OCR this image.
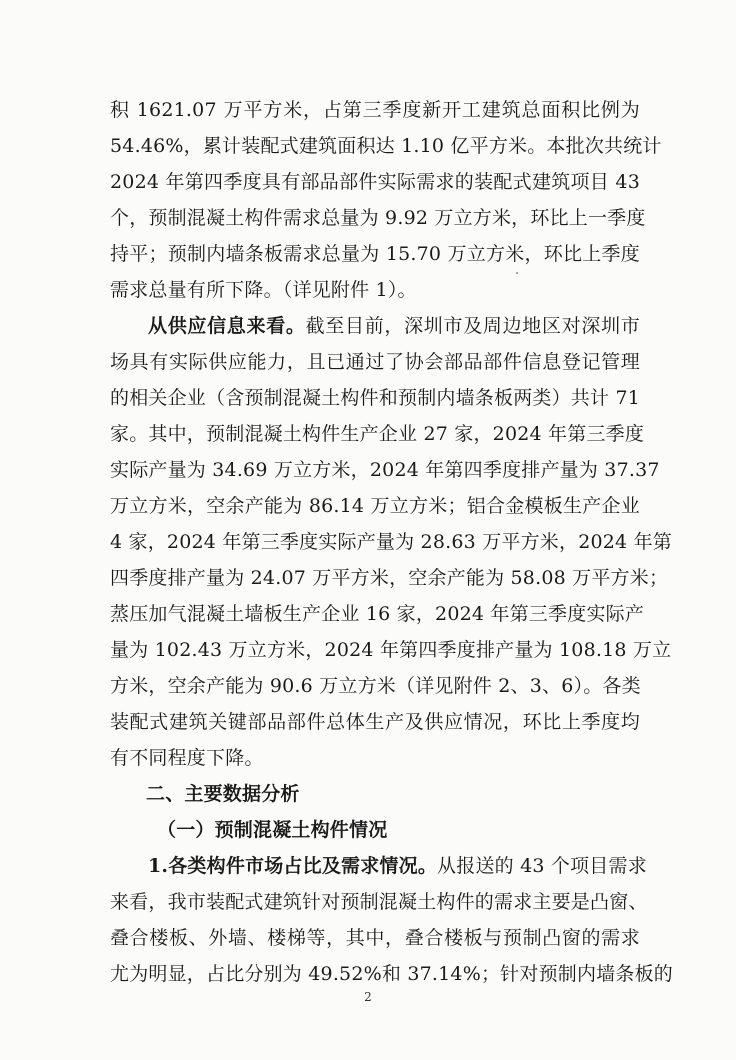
积 1621.07 万平方米，占第三季度新开工建筑总面积比例为
54.46%，累计装配式建筑面积达 1.10 亿平方米。本批次共统计
2024 年第四季度具有部品部件实际需求的装配式建筑项目 43
个，预制混凝土构件需求总量为 9.92 万立方米，环比上一季度
持平；预制内墙条板需求总量为 15.70 万立方米，环比上季度
需求总量有所下降。（详见附件 1）。
从供应信息来看。截至目前，深圳市及周边地区对深圳市
场具有实际供应能力，且已通过了协会部品部件信息登记管理
的相关企业（含预制混凝土构件和预制内墙条板两类）共计 71
家。其中，预制混凝土构件生产企业 27 家，2024 年第三季度
实际产量为 34.69 万立方米，2024 年第四季度排产量为 37.37
万立方米，空余产能为 86.14 万立方米；铝合金模板生产企业
4 家，2024 年第三季度实际产量为 28.63 万平方米，2024 年第
四季度排产量为 24.07 万平方米，空余产能为 58.08 万平方米；
蒸压加气混凝土墙板生产企业 16 家，2024 年第三季度实际产
量为 102.43 万立方米，2024 年第四季度排产量为 108.18 万立
方米，空余产能为 90.6 万立方米（详见附件 2、3、6）。各类
装配式建筑关键部品部件总体生产及供应情况，环比上季度均
有不同程度下降。
二、主要数据分析
（一）预制混凝土构件情况
1.各类构件市场占比及需求情况。从报送的 43 个项目需求
来看，我市装配式建筑针对预制混凝土构件的需求主要是凸窗、
叠合楼板、外墙、楼梯等，其中，叠合楼板与预制凸窗的需求
尤为明显，占比分别为 49.52%和 37.14%；针对预制内墙条板的
2
